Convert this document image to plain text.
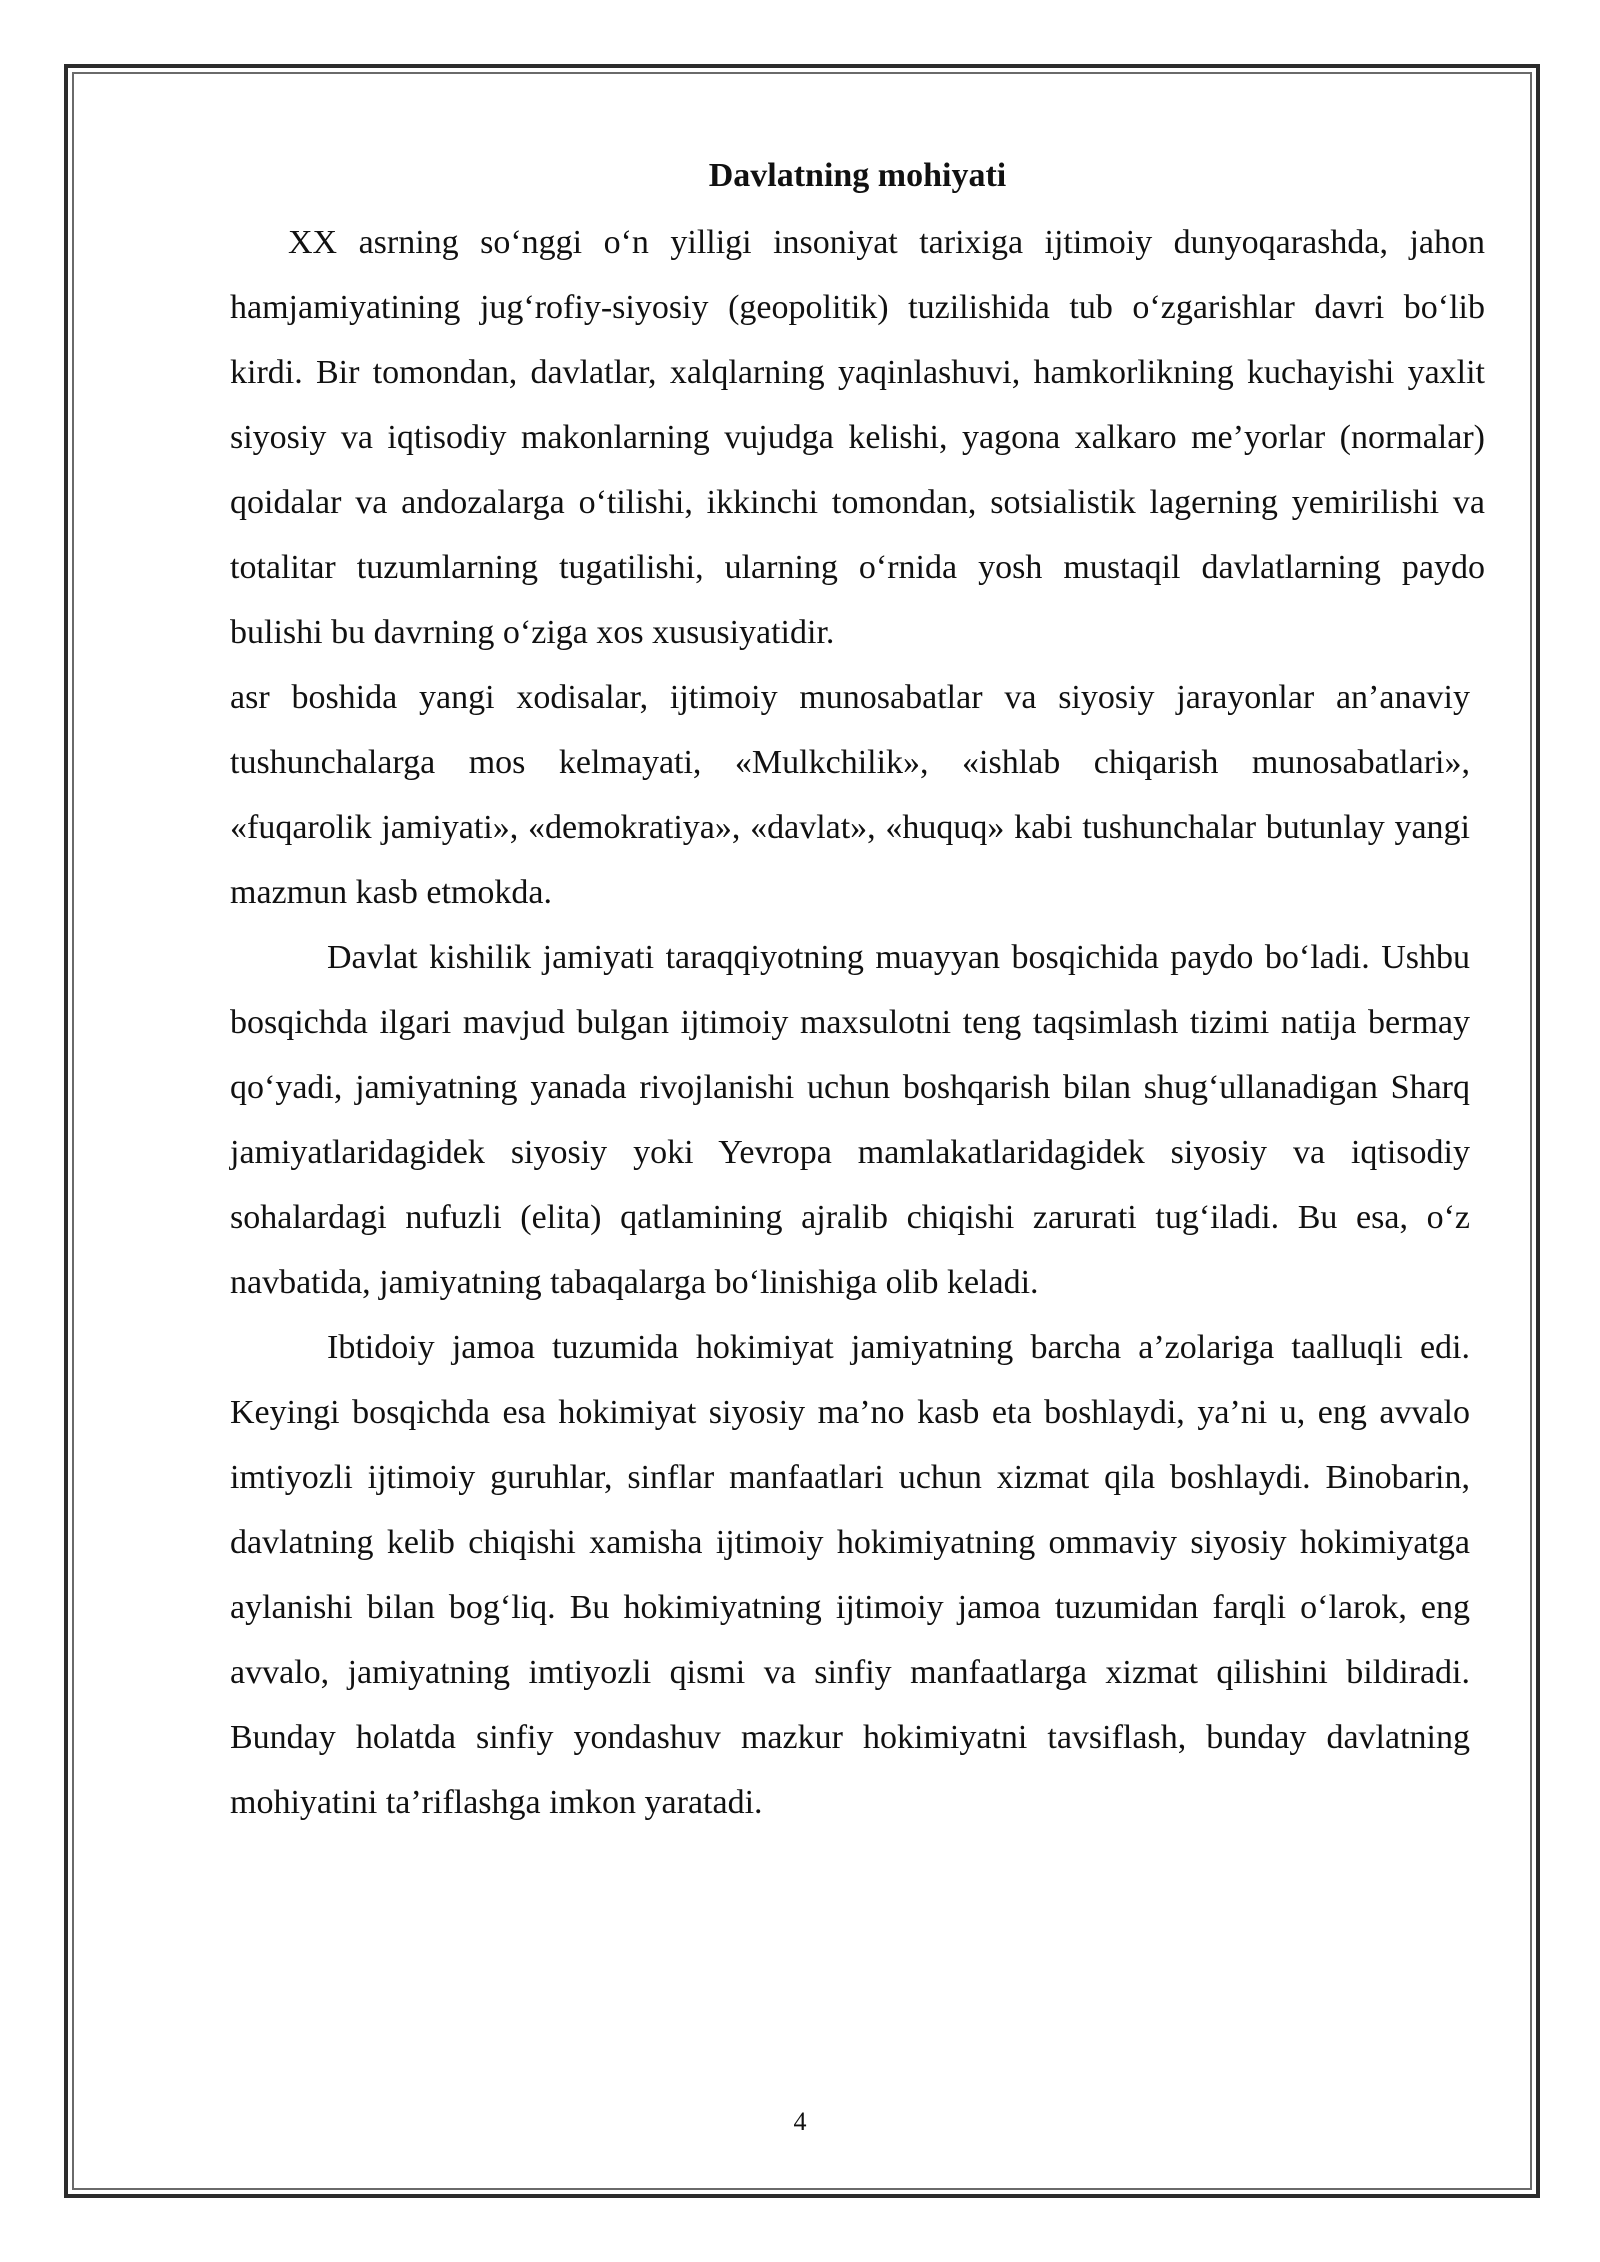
Davlatning mohiyati

XX asrning so‘nggi o‘n yilligi insoniyat tarixiga ijtimoiy dunyoqarashda, jahon hamjamiyatining jug‘rofiy-siyosiy (geopolitik) tuzilishida tub o‘zgarishlar davri bo‘lib kirdi. Bir tomondan, davlatlar, xalqlarning yaqinlashuvi, hamkorlikning kuchayishi yaxlit siyosiy va iqtisodiy makonlarning vujudga kelishi, yagona xalkaro me’yorlar (normalar) qoidalar va andozalarga o‘tilishi, ikkinchi tomondan, sotsialistik lagerning yemirilishi va totalitar tuzumlarning tugatilishi, ularning o‘rnida yosh mustaqil davlatlarning paydo bulishi bu davrning o‘ziga xos xususiyatidir.

asr boshida yangi xodisalar, ijtimoiy munosabatlar va siyosiy jarayonlar an’anaviy tushunchalarga mos kelmayati, «Mulkchilik», «ishlab chiqarish munosabatlari», «fuqarolik jamiyati», «demokratiya», «davlat», «huquq» kabi tushunchalar butunlay yangi mazmun kasb etmokda.

Davlat kishilik jamiyati taraqqiyotning muayyan bosqichida paydo bo‘ladi. Ushbu bosqichda ilgari mavjud bulgan ijtimoiy maxsulotni teng taqsimlash tizimi natija bermay qo‘yadi, jamiyatning yanada rivojlanishi uchun boshqarish bilan shug‘ullanadigan Sharq jamiyatlaridagidek siyosiy yoki Yevropa mamlakatlaridagidek siyosiy va iqtisodiy sohalardagi nufuzli (elita) qatlamining ajralib chiqishi zarurati tug‘iladi. Bu esa, o‘z navbatida, jamiyatning tabaqalarga bo‘linishiga olib keladi.

Ibtidoiy jamoa tuzumida hokimiyat jamiyatning barcha a’zolariga taalluqli edi. Keyingi bosqichda esa hokimiyat siyosiy ma’no kasb eta boshlaydi, ya’ni u, eng avvalo imtiyozli ijtimoiy guruhlar, sinflar manfaatlari uchun xizmat qila boshlaydi. Binobarin, davlatning kelib chiqishi xamisha ijtimoiy hokimiyatning ommaviy siyosiy hokimiyatga aylanishi bilan bog‘liq. Bu hokimiyatning ijtimoiy jamoa tuzumidan farqli o‘larok, eng avvalo, jamiyatning imtiyozli qismi va sinfiy manfaatlarga xizmat qilishini bildiradi. Bunday holatda sinfiy yondashuv mazkur hokimiyatni tavsiflash, bunday davlatning mohiyatini ta’riflashga imkon yaratadi.

4
